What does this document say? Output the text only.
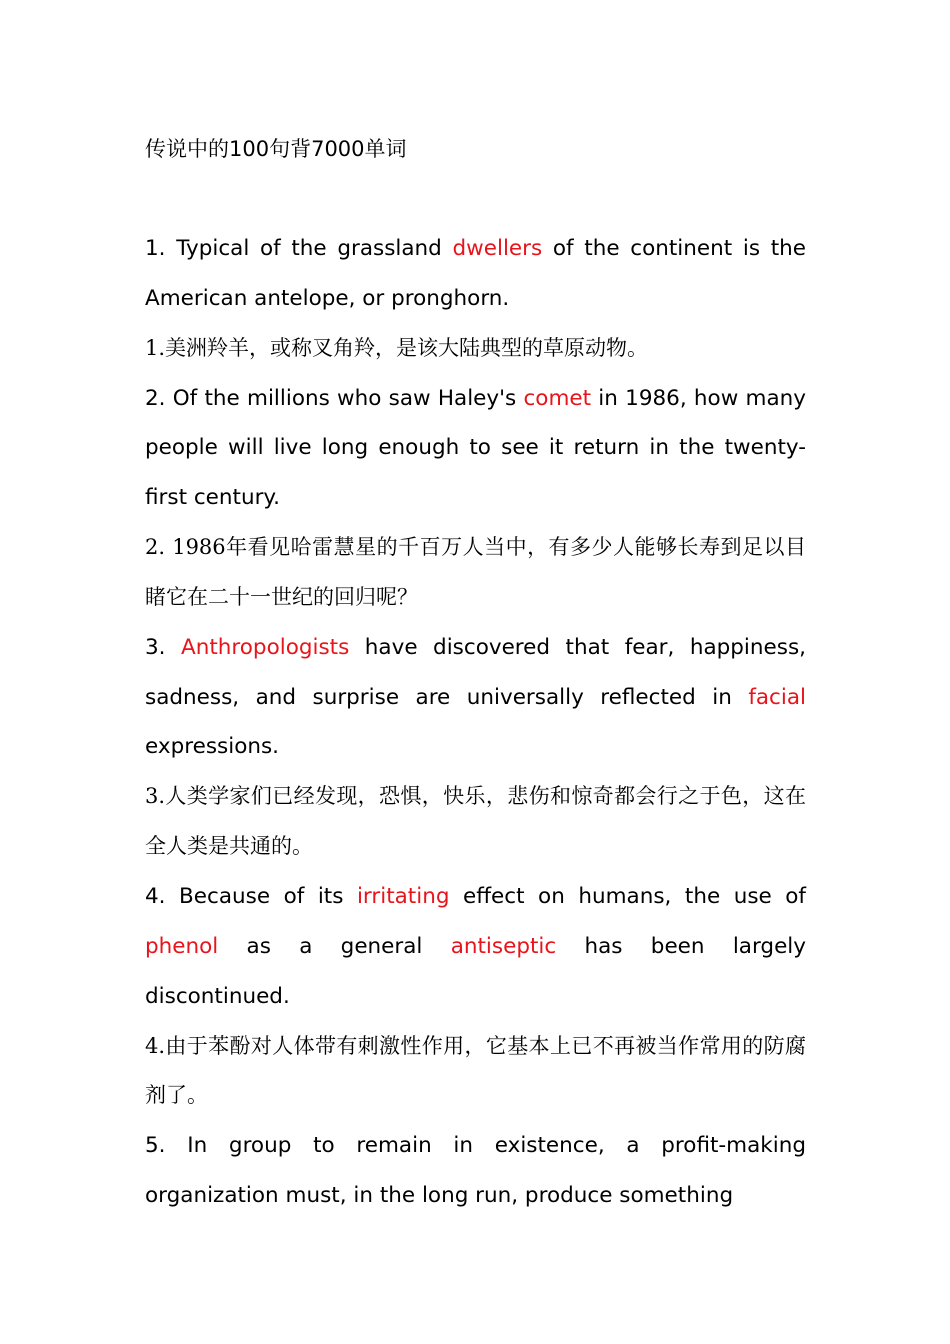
传说中的100句背7000单词

1. Typical of the grassland dwellers of the continent is the American antelope, or pronghorn.

1.美洲羚羊，或称叉角羚，是该大陆典型的草原动物。

2. Of the millions who saw Haley's comet in 1986, how many people will live long enough to see it return in the twenty-first century.

2. 1986年看见哈雷慧星的千百万人当中，有多少人能够长寿到足以目睹它在二十一世纪的回归呢？

3. Anthropologists have discovered that fear, happiness, sadness, and surprise are universally reflected in facial expressions.

3.人类学家们已经发现，恐惧，快乐，悲伤和惊奇都会行之于色，这在全人类是共通的。

4. Because of its irritating effect on humans, the use of phenol as a general antiseptic has been largely discontinued.

4.由于苯酚对人体带有刺激性作用，它基本上已不再被当作常用的防腐剂了。

5. In group to remain in existence, a profit-making organization must, in the long run, produce something
